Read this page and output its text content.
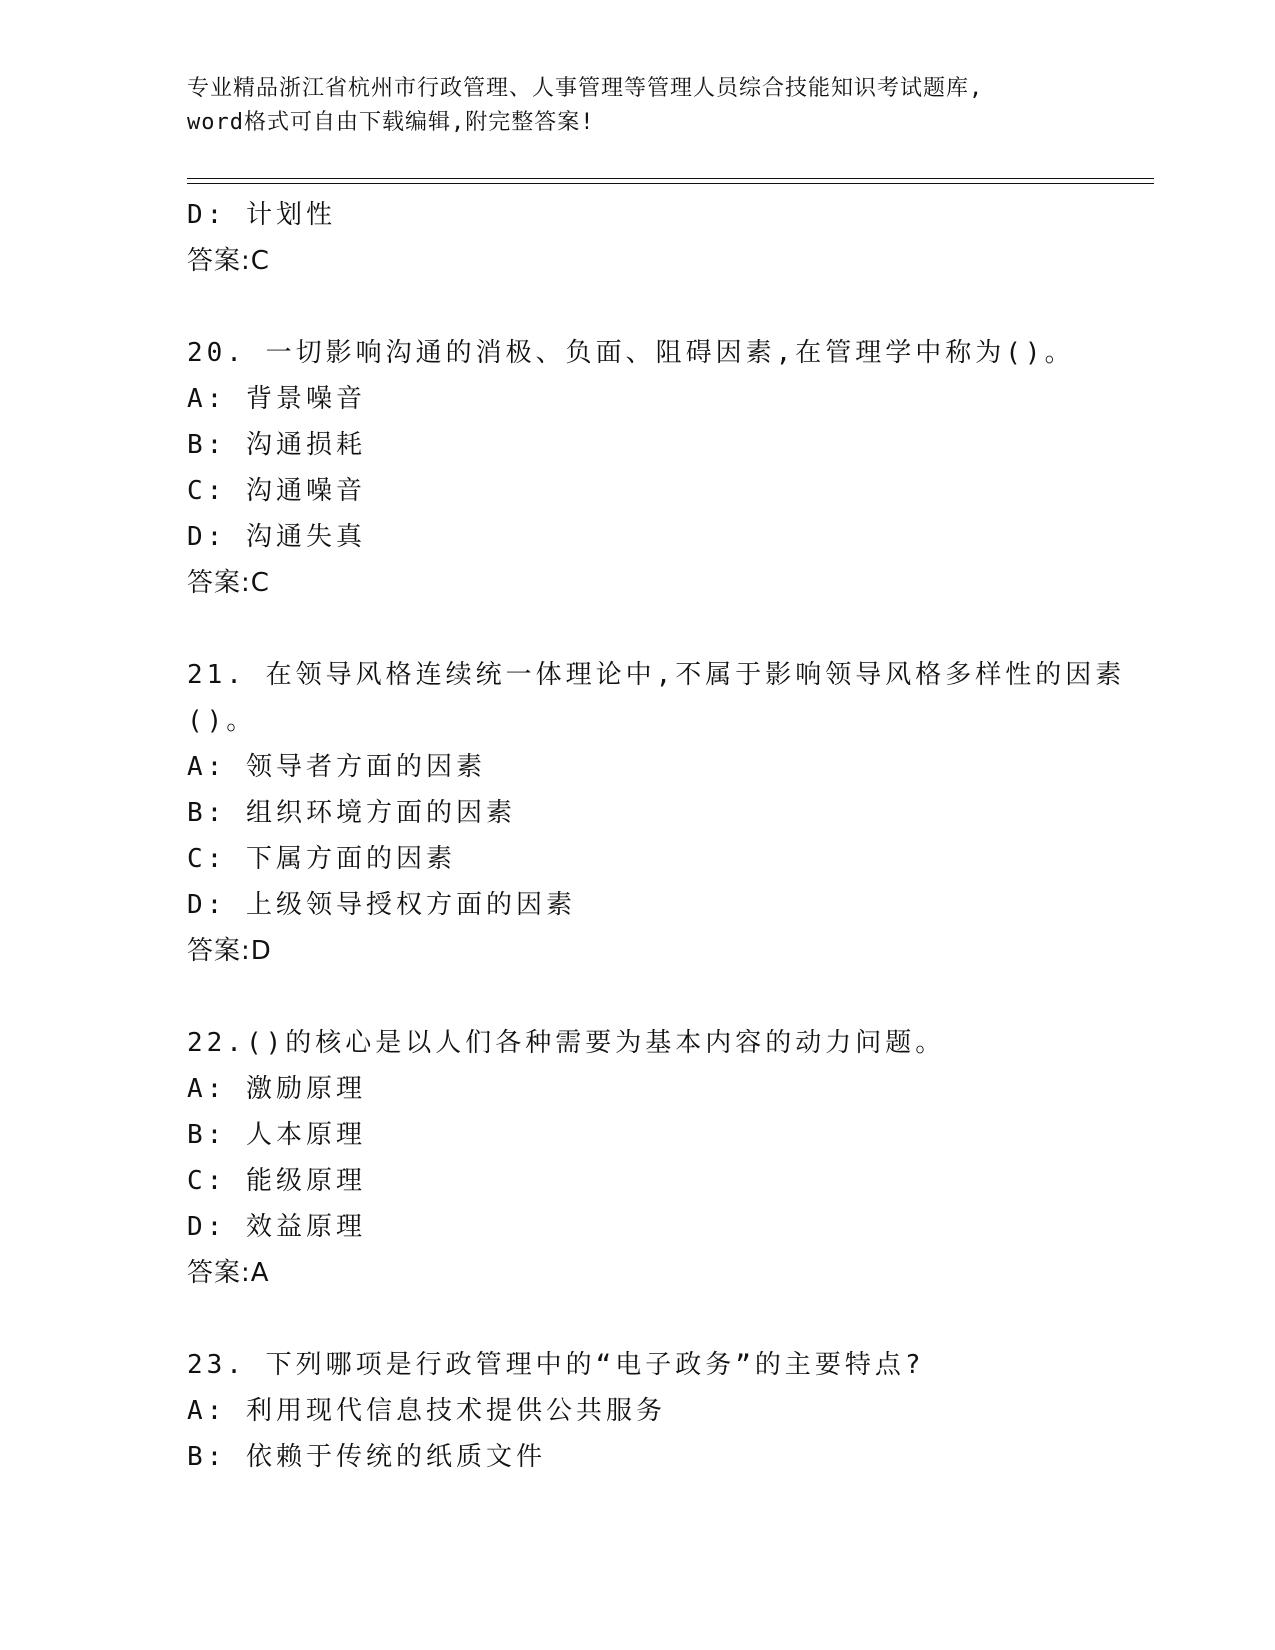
专业精品浙江省杭州市行政管理、人事管理等管理人员综合技能知识考试题库,
word格式可自由下载编辑,附完整答案!
D: 计划性
答案:C
20. 一切影响沟通的消极、负面、阻碍因素,在管理学中称为()。
A: 背景噪音
B: 沟通损耗
C: 沟通噪音
D: 沟通失真
答案:C
21. 在领导风格连续统一体理论中,不属于影响领导风格多样性的因素
()。
A: 领导者方面的因素
B: 组织环境方面的因素
C: 下属方面的因素
D: 上级领导授权方面的因素
答案:D
22.()的核心是以人们各种需要为基本内容的动力问题。
A: 激励原理
B: 人本原理
C: 能级原理
D: 效益原理
答案:A
23. 下列哪项是行政管理中的“电子政务”的主要特点?
A: 利用现代信息技术提供公共服务
B: 依赖于传统的纸质文件
